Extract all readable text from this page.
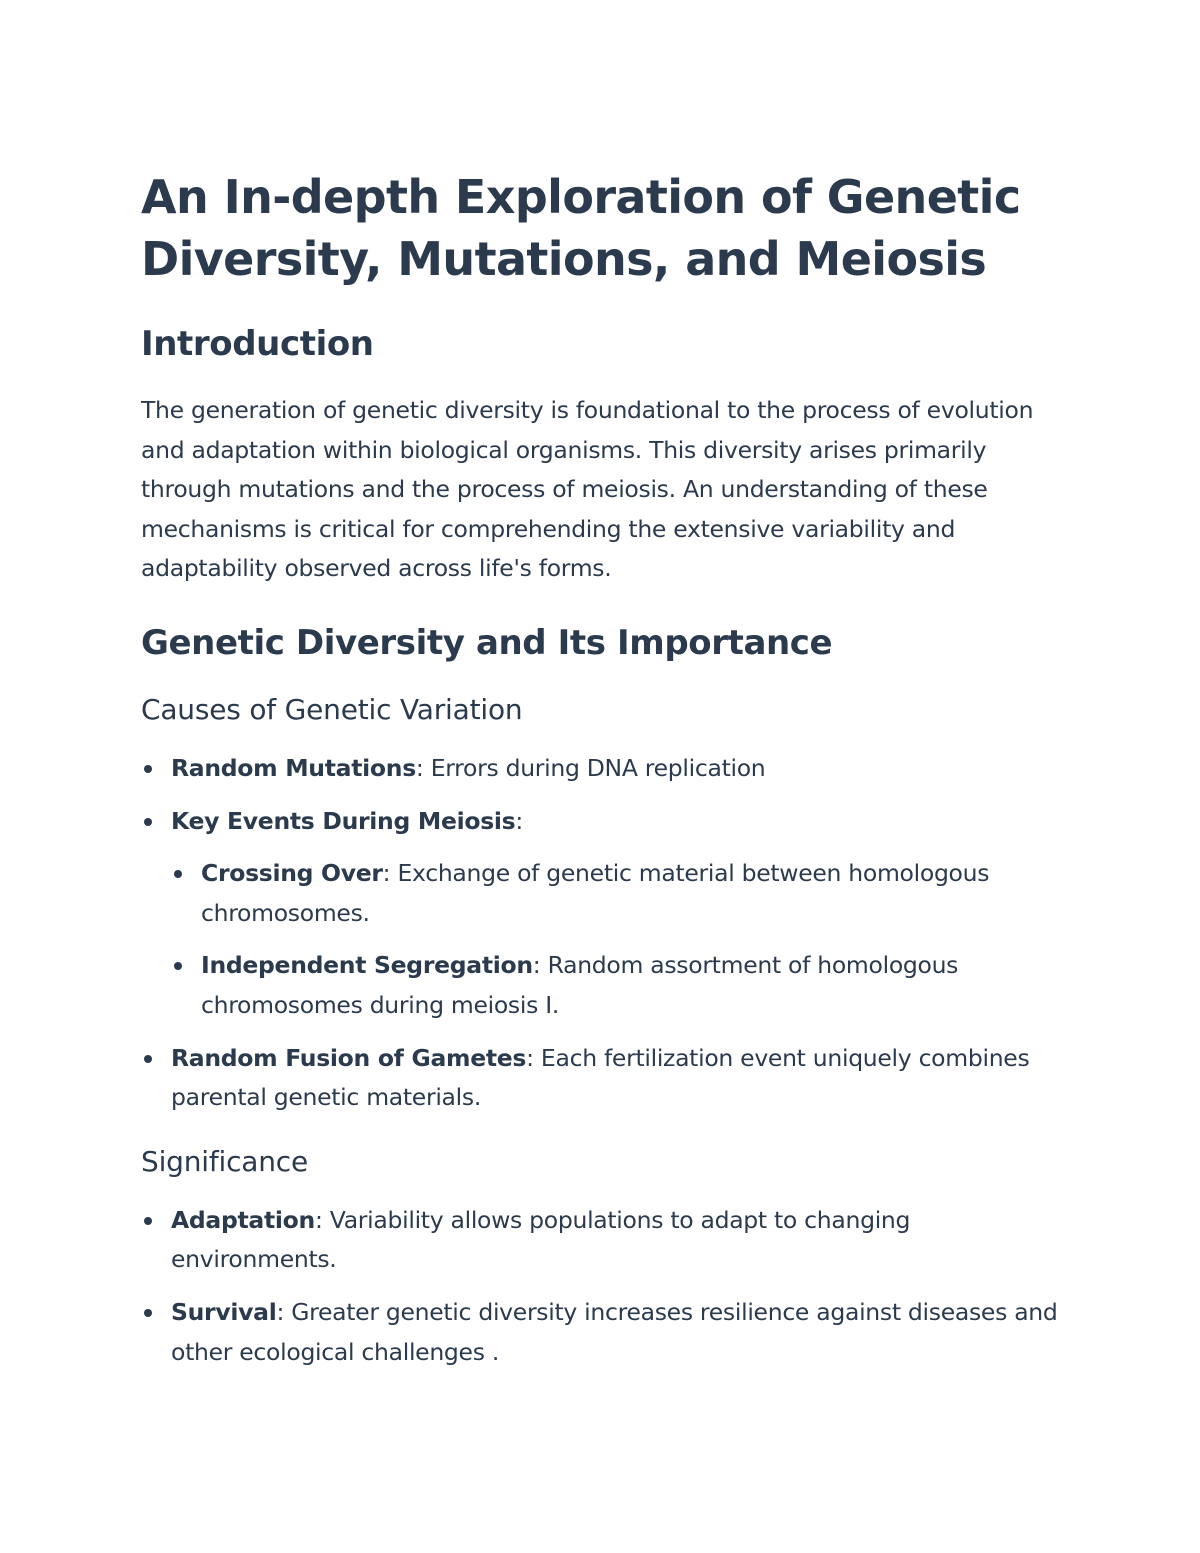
An In-depth Exploration of Genetic
Diversity, Mutations, and Meiosis
Introduction

The generation of genetic diversity is foundational to the process of evolution and adaptation within biological organisms. This diversity arises primarily through mutations and the process of meiosis. An understanding of these mechanisms is critical for comprehending the extensive variability and adaptability observed across life's forms.

Genetic Diversity and Its Importance
Causes of Genetic Variation
Random Mutations: Errors during DNA replication
Key Events During Meiosis:
Crossing Over: Exchange of genetic material between homologous chromosomes.
Independent Segregation: Random assortment of homologous chromosomes during meiosis I.
Random Fusion of Gametes: Each fertilization event uniquely combines parental genetic materials.
Significance
Adaptation: Variability allows populations to adapt to changing environments.
Survival: Greater genetic diversity increases resilience against diseases and other ecological challenges .
